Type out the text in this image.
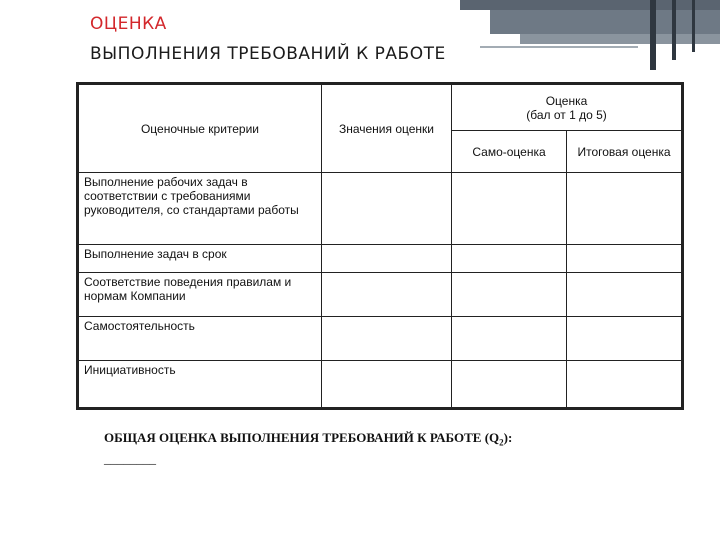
ОЦЕНКА
ВЫПОЛНЕНИЯ ТРЕБОВАНИЙ К РАБОТЕ
Оценочные критерии	Значения оценки	Оценка
(бал от 1 до 5)	

		Само-оценка	Итоговая оценка
Выполнение рабочих задач в соответствии с требованиями руководителя, со стандартами работы			
Выполнение задач в срок			
Соответствие поведения правилам и нормам Компании			
Самостоятельность			
Инициативность			
ОБЩАЯ ОЦЕНКА ВЫПОЛНЕНИЯ ТРЕБОВАНИЙ К РАБОТЕ $(Q_2)$:
________
